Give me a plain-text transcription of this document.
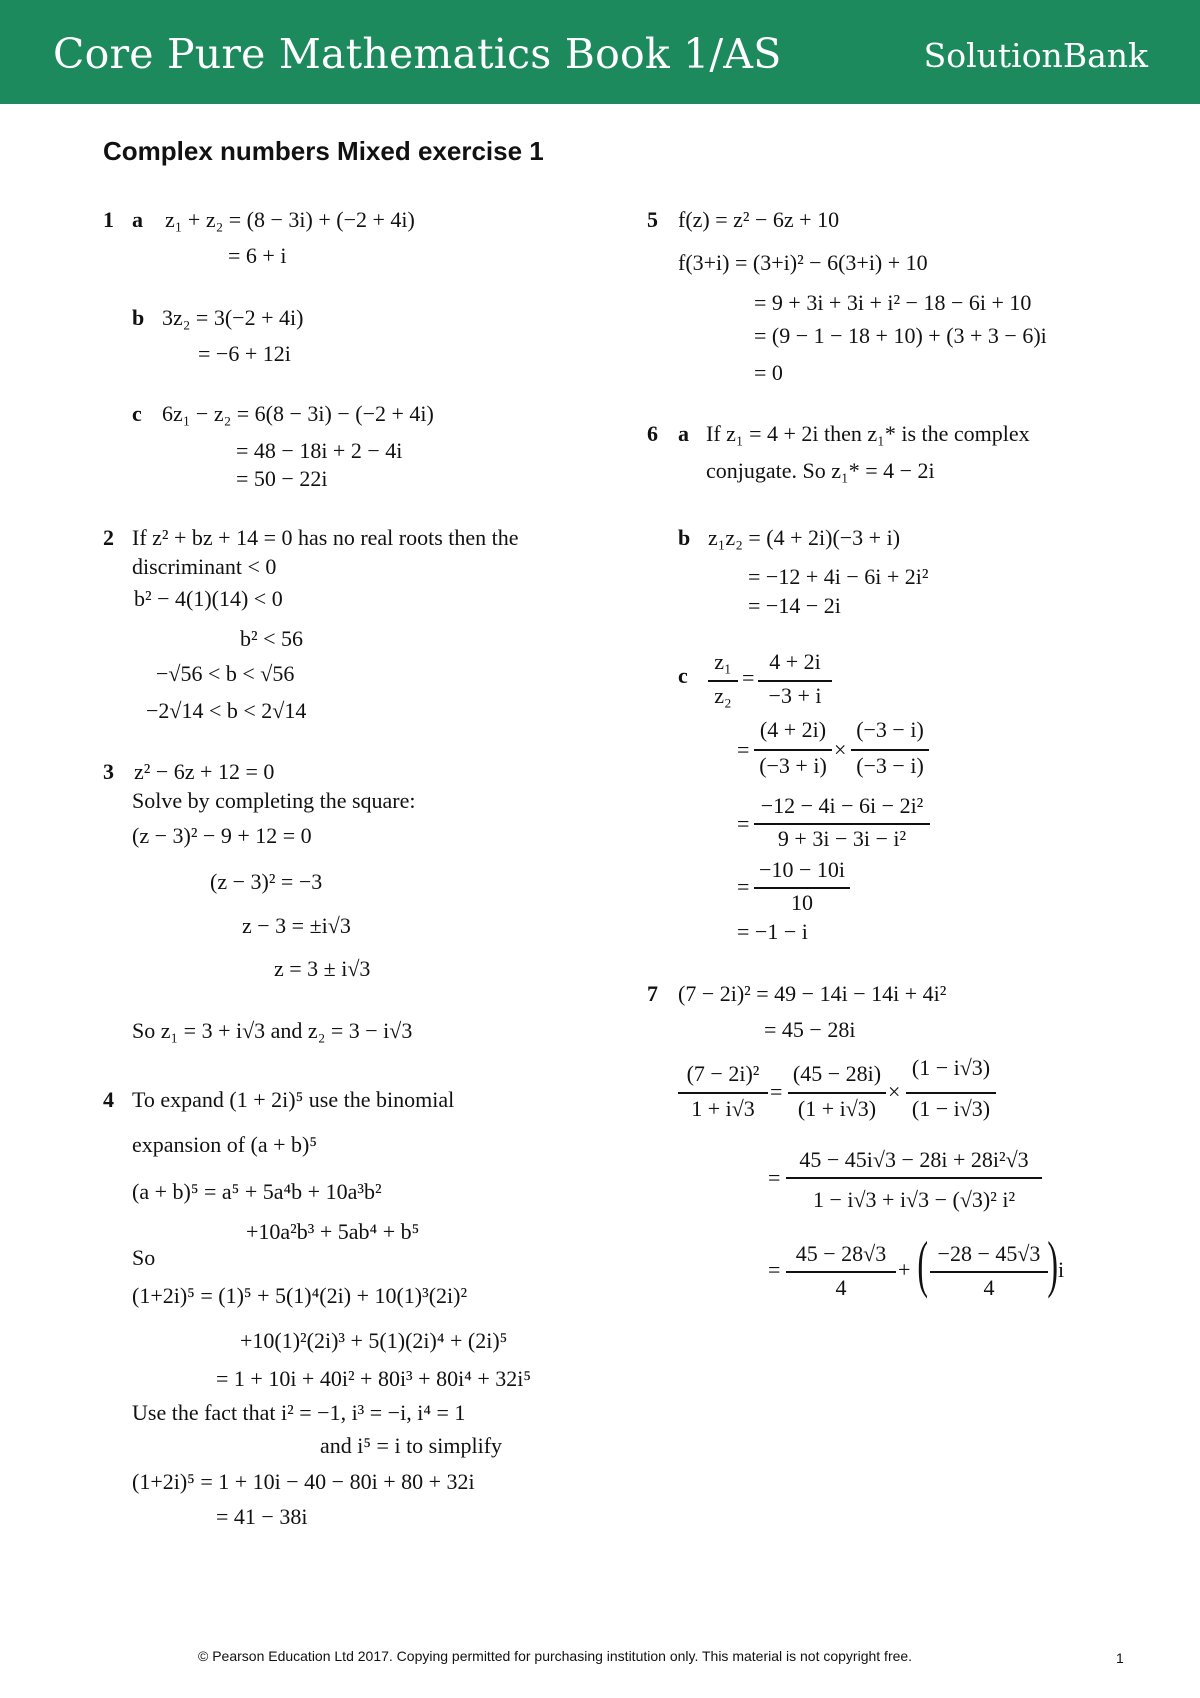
Core Pure Mathematics Book 1/AS	SolutionBank
Complex numbers Mixed exercise 1
1 a z₁ + z₂ = (8 − 3i) + (−2 + 4i)
= 6 + i
b 3z₂ = 3(−2 + 4i)
= −6 + 12i
c 6z₁ − z₂ = 6(8 − 3i) − (−2 + 4i)
= 48 − 18i + 2 − 4i
= 50 − 22i
2 If z² + bz + 14 = 0 has no real roots then the
discriminant < 0
b² − 4(1)(14) < 0
b² < 56
−√56 < b < √56
−2√14 < b < 2√14
3 z² − 6z + 12 = 0
Solve by completing the square:
(z − 3)² − 9 + 12 = 0
(z − 3)² = −3
z − 3 = ±i√3
z = 3 ± i√3
So z₁ = 3 + i√3 and z₂ = 3 − i√3
4 To expand (1 + 2i)⁵ use the binomial
expansion of (a + b)⁵
(a + b)⁵ = a⁵ + 5a⁴b + 10a³b²
+10a²b³ + 5ab⁴ + b⁵
So
(1+2i)⁵ = (1)⁵ + 5(1)⁴(2i) + 10(1)³(2i)²
+10(1)²(2i)³ + 5(1)(2i)⁴ + (2i)⁵
= 1 + 10i + 40i² + 80i³ + 80i⁴ + 32i⁵
Use the fact that i² = −1, i³ = −i, i⁴ = 1
and i⁵ = i to simplify
(1+2i)⁵ = 1 + 10i − 40 − 80i + 80 + 32i
= 41 − 38i
5 f(z) = z² − 6z + 10
f(3+i) = (3+i)² − 6(3+i) + 10
= 9 + 3i + 3i + i² − 18 − 6i + 10
= (9 − 1 − 18 + 10) + (3 + 3 − 6)i
= 0
6 a If z₁ = 4 + 2i then z₁* is the complex
conjugate. So z₁* = 4 − 2i
b z₁z₂ = (4 + 2i)(−3 + i)
= −12 + 4i − 6i + 2i²
= −14 − 2i
c
z₁
z₂
=
4 + 2i
−3 + i
=
(4 + 2i)
(−3 + i)
×
(−3 − i)
(−3 − i)
=
−12 − 4i − 6i − 2i²
9 + 3i − 3i − i²
=
−10 − 10i
10
= −1 − i
7 (7 − 2i)² = 49 − 14i − 14i + 4i²
= 45 − 28i
(7 − 2i)²
1 + i√3
=
(45 − 28i)
(1 + i√3)
×
(1 − i√3)
(1 − i√3)
=
45 − 45i√3 − 28i + 28i²√3
1 − i√3 + i√3 − (√3)² i²
=
45 − 28√3
4
+ ( −28 − 45√3
4 ) i
© Pearson Education Ltd 2017. Copying permitted for purchasing institution only. This material is not copyright free.	1
